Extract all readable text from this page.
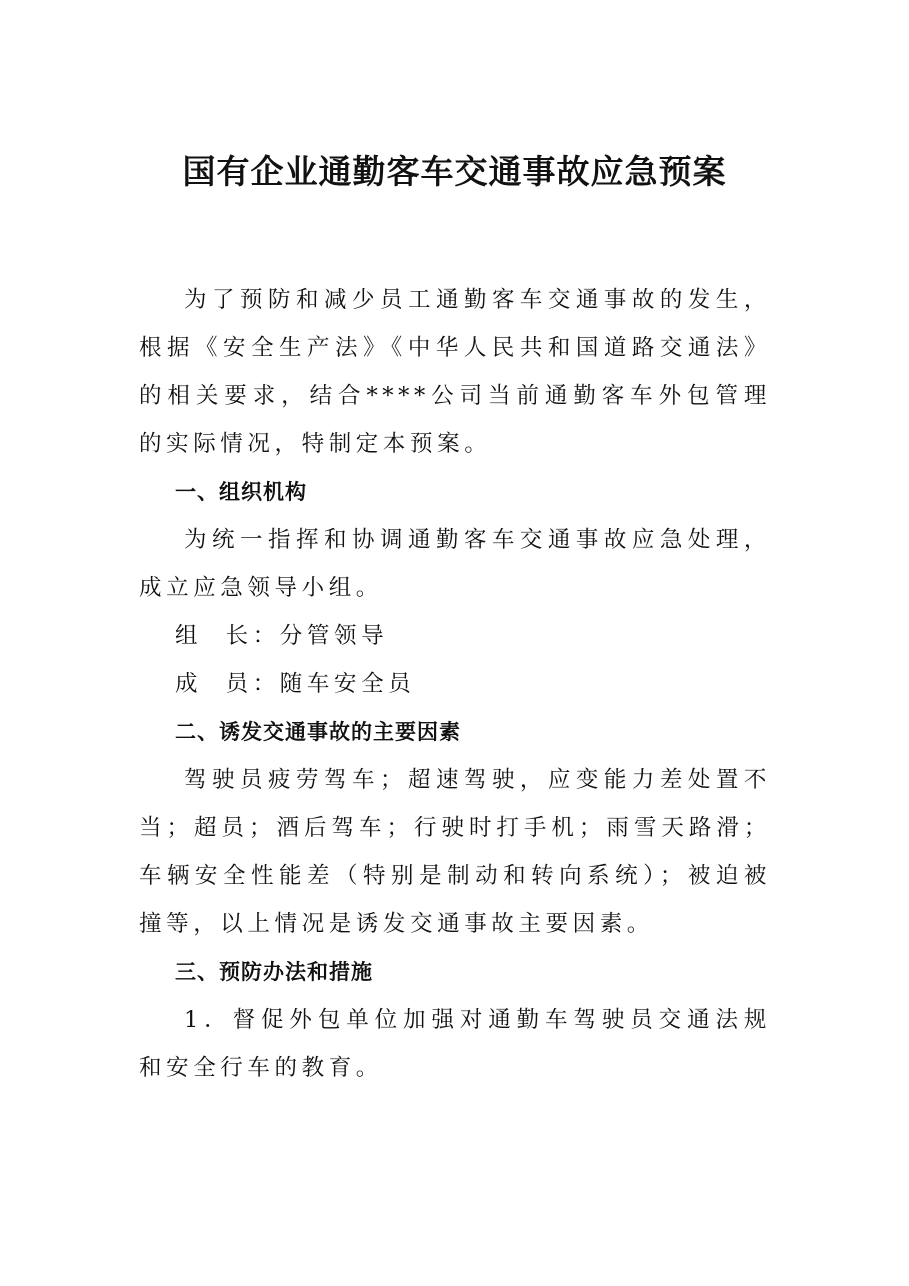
国有企业通勤客车交通事故应急预案

为了预防和减少员工通勤客车交通事故的发生，根据《安全生产法》《中华人民共和国道路交通法》的相关要求，结合****公司当前通勤客车外包管理的实际情况，特制定本预案。

一、组织机构

为统一指挥和协调通勤客车交通事故应急处理，成立应急领导小组。

组  长：分管领导

成  员：随车安全员

二、诱发交通事故的主要因素

驾驶员疲劳驾车；超速驾驶，应变能力差处置不当；超员；酒后驾车；行驶时打手机；雨雪天路滑；车辆安全性能差（特别是制动和转向系统）；被迫被撞等，以上情况是诱发交通事故主要因素。

三、预防办法和措施

1．督促外包单位加强对通勤车驾驶员交通法规和安全行车的教育。
